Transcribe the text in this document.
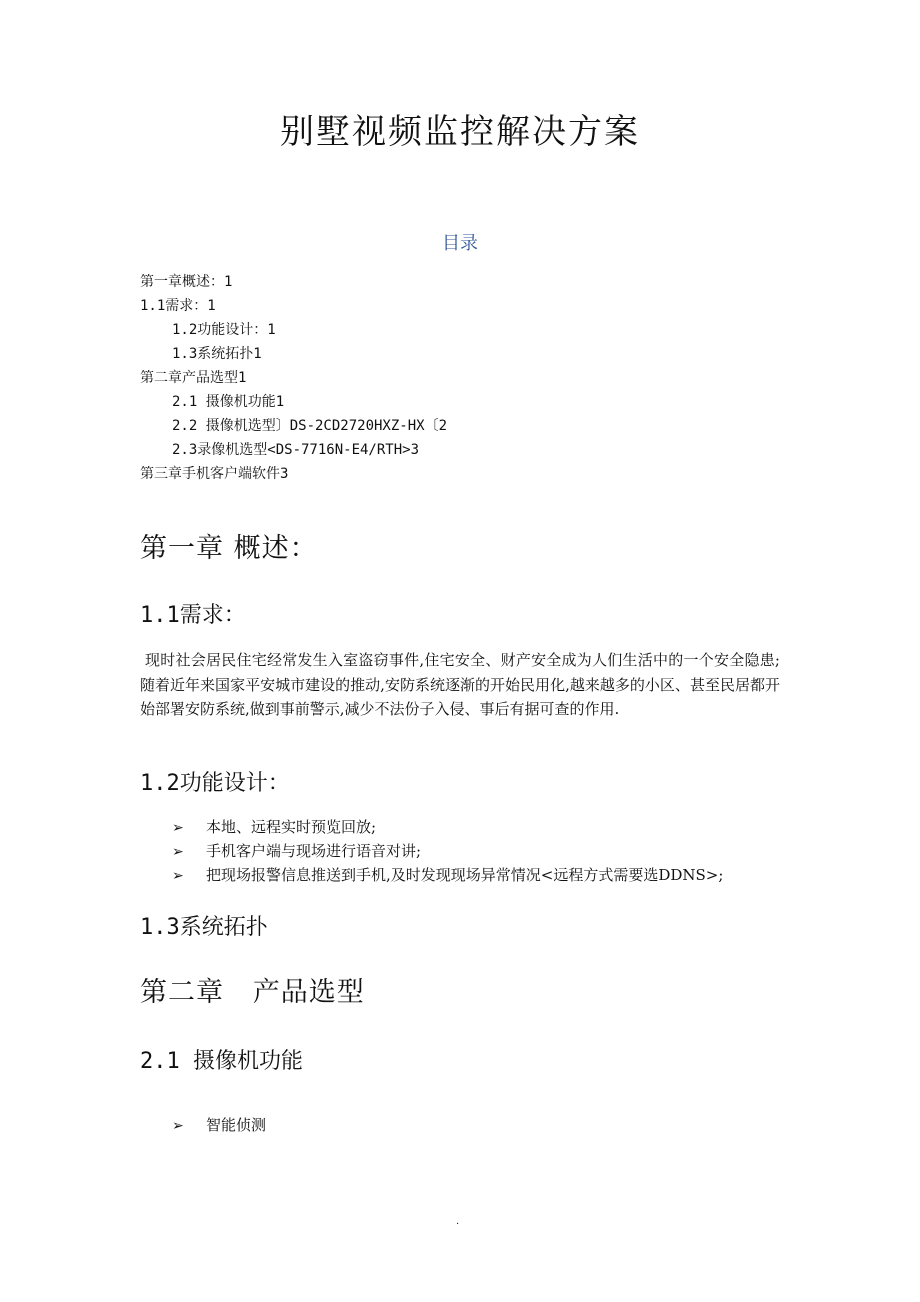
别墅视频监控解决方案
目录
第一章概述：1
1.1需求：1
1.2功能设计：1
1.3系统拓扑1
第二章产品选型1
2.1 摄像机功能1
2.2 摄像机选型〕DS-2CD2720HXZ-HX〔2
2.3录像机选型<DS-7716N-E4/RTH>3
第三章手机客户端软件3
第一章 概述：
1.1需求：

现时社会居民住宅经常发生入室盗窃事件,住宅安全、财产安全成为人们生活中的一个安全隐患;随着近年来国家平安城市建设的推动,安防系统逐渐的开始民用化,越来越多的小区、甚至民居都开始部署安防系统,做到事前警示,减少不法份子入侵、事后有据可查的作用.

1.2功能设计：
➢ 本地、远程实时预览回放;
➢ 手机客户端与现场进行语音对讲;
➢ 把现场报警信息推送到手机,及时发现现场异常情况<远程方式需要选DDNS>;
1.3系统拓扑
第二章   产品选型
2.1 摄像机功能
➢ 智能侦测
.
